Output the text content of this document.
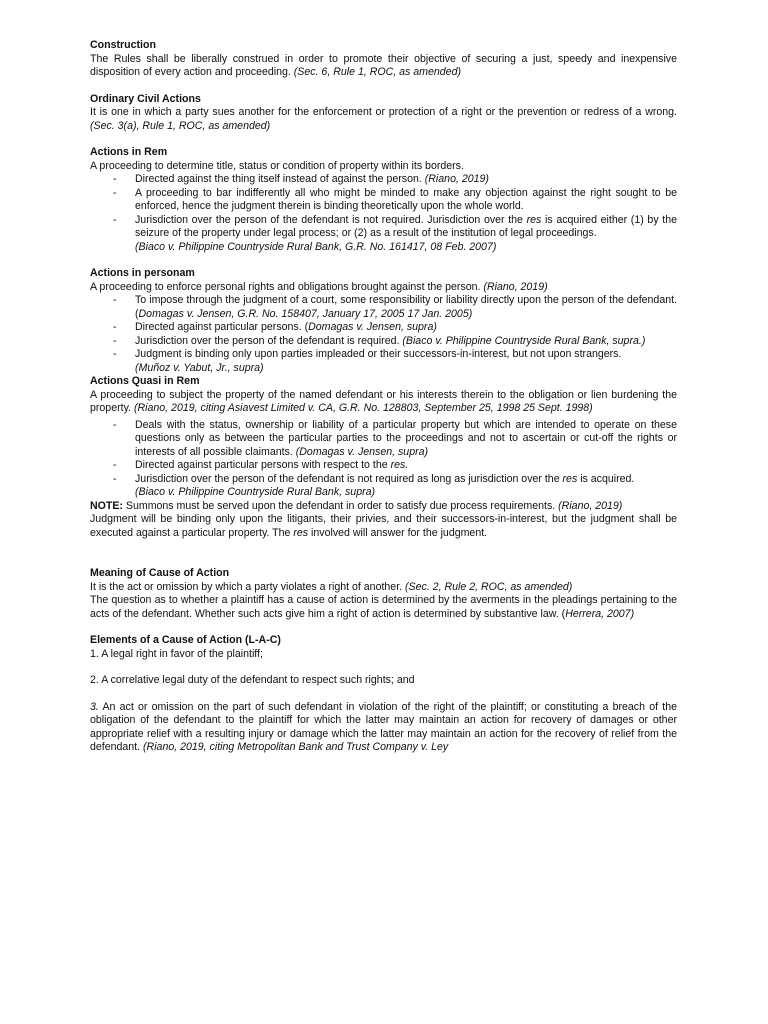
Construction

The Rules shall be liberally construed in order to promote their objective of securing a just, speedy and inexpensive disposition of every action and proceeding. (Sec. 6, Rule 1, ROC, as amended)

Ordinary Civil Actions

It is one in which a party sues another for the enforcement or protection of a right or the prevention or redress of a wrong. (Sec. 3(a), Rule 1, ROC, as amended)

Actions in Rem

A proceeding to determine title, status or condition of property within its borders.

- Directed against the thing itself instead of against the person. (Riano, 2019)
- A proceeding to bar indifferently all who might be minded to make any objection against the right sought to be enforced, hence the judgment therein is binding theoretically upon the whole world.
- Jurisdiction over the person of the defendant is not required. Jurisdiction over the res is acquired either (1) by the seizure of the property under legal process; or (2) as a result of the institution of legal proceedings.
(Biaco v. Philippine Countryside Rural Bank, G.R. No. 161417, 08 Feb. 2007)

Actions in personam

A proceeding to enforce personal rights and obligations brought against the person. (Riano, 2019)

- To impose through the judgment of a court, some responsibility or liability directly upon the person of the defendant. (Domagas v. Jensen, G.R. No. 158407, January 17, 2005 17 Jan. 2005)
- Directed against particular persons. (Domagas v. Jensen, supra)
- Jurisdiction over the person of the defendant is required. (Biaco v. Philippine Countryside Rural Bank, supra.)
- Judgment is binding only upon parties impleaded or their successors-in-interest, but not upon strangers.
(Muñoz v. Yabut, Jr., supra)

Actions Quasi in Rem

A proceeding to subject the property of the named defendant or his interests therein to the obligation or lien burdening the property. (Riano, 2019, citing Asiavest Limited v. CA, G.R. No. 128803, September 25, 1998 25 Sept. 1998)

- Deals with the status, ownership or liability of a particular property but which are intended to operate on these questions only as between the particular parties to the proceedings and not to ascertain or cut-off the rights or interests of all possible claimants. (Domagas v. Jensen, supra)
- Directed against particular persons with respect to the res.
- Jurisdiction over the person of the defendant is not required as long as jurisdiction over the res is acquired.
(Biaco v. Philippine Countryside Rural Bank, supra)

NOTE: Summons must be served upon the defendant in order to satisfy due process requirements. (Riano, 2019)

Judgment will be binding only upon the litigants, their privies, and their successors-in-interest, but the judgment shall be executed against a particular property. The res involved will answer for the judgment.

Meaning of Cause of Action

It is the act or omission by which a party violates a right of another. (Sec. 2, Rule 2, ROC, as amended)

The question as to whether a plaintiff has a cause of action is determined by the averments in the pleadings pertaining to the acts of the defendant. Whether such acts give him a right of action is determined by substantive law. (Herrera, 2007)

Elements of a Cause of Action (L-A-C)

1. A legal right in favor of the plaintiff;

2. A correlative legal duty of the defendant to respect such rights; and

3. An act or omission on the part of such defendant in violation of the right of the plaintiff; or constituting a breach of the obligation of the defendant to the plaintiff for which the latter may maintain an action for recovery of damages or other appropriate relief with a resulting injury or damage which the latter may maintain an action for the recovery of relief from the defendant. (Riano, 2019, citing Metropolitan Bank and Trust Company v. Ley
